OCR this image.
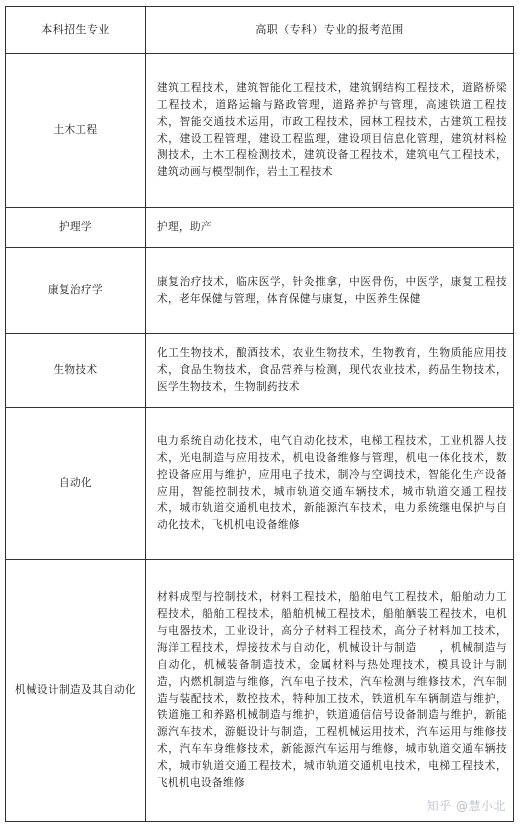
本科招生专业	高职（专科）专业的报考范围
土木工程	建筑工程技术，建筑智能化工程技术，建筑钢结构工程技术，道路桥梁工程技术，道路运输与路政管理，道路养护与管理，高速铁道工程技术，智能交通技术运用，市政工程技术，园林工程技术，古建筑工程技术，建设工程管理，建设工程监理，建设项目信息化管理，建筑材料检测技术，土木工程检测技术，建筑设备工程技术，建筑电气工程技术，建筑动画与模型制作，岩土工程技术
护理学	护理，助产
康复治疗学	康复治疗技术，临床医学，针灸推拿，中医骨伤，中医学，康复工程技术，老年保健与管理，体育保健与康复，中医养生保健
生物技术	化工生物技术，酿酒技术，农业生物技术，生物教育，生物质能应用技术，食品生物技术，食品营养与检测，现代农业技术，药品生物技术，医学生物技术，生物制药技术
自动化	电力系统自动化技术，电气自动化技术，电梯工程技术，工业机器人技术，光电制造与应用技术，机电设备维修与管理，机电一体化技术，数控设备应用与维护，应用电子技术，制冷与空调技术，智能化生产设备应用，智能控制技术，城市轨道交通车辆技术，城市轨道交通工程技术，城市轨道交通机电技术，新能源汽车技术，电力系统继电保护与自动化技术，飞机机电设备维修
机械设计制造及其自动化	材料成型与控制技术，材料工程技术，船舶电气工程技术，船舶动力工程技术，船舶工程技术，船舶机械工程技术，船舶舾装工程技术，电机与电器技术，工业设计，高分子材料工程技术，高分子材料加工技术，海洋工程技术，焊接技术与自动化，机械设计与制造　　，机械制造与自动化，机械装备制造技术，金属材料与热处理技术，模具设计与制造，内燃机制造与维修，汽车电子技术，汽车检测与维修技术，汽车制造与装配技术，数控技术，特种加工技术，铁道机车车辆制造与维护，铁道施工和养路机械制造与维护，铁道通信信号设备制造与维护，新能源汽车技术，游艇设计与制造，工程机械运用技术，汽车运用与维修技术，汽车车身维修技术，新能源汽车运用与维修，城市轨道交通车辆技术，城市轨道交通工程技术，城市轨道交通机电技术，电梯工程技术，飞机机电设备维修
知乎 @慧小北
